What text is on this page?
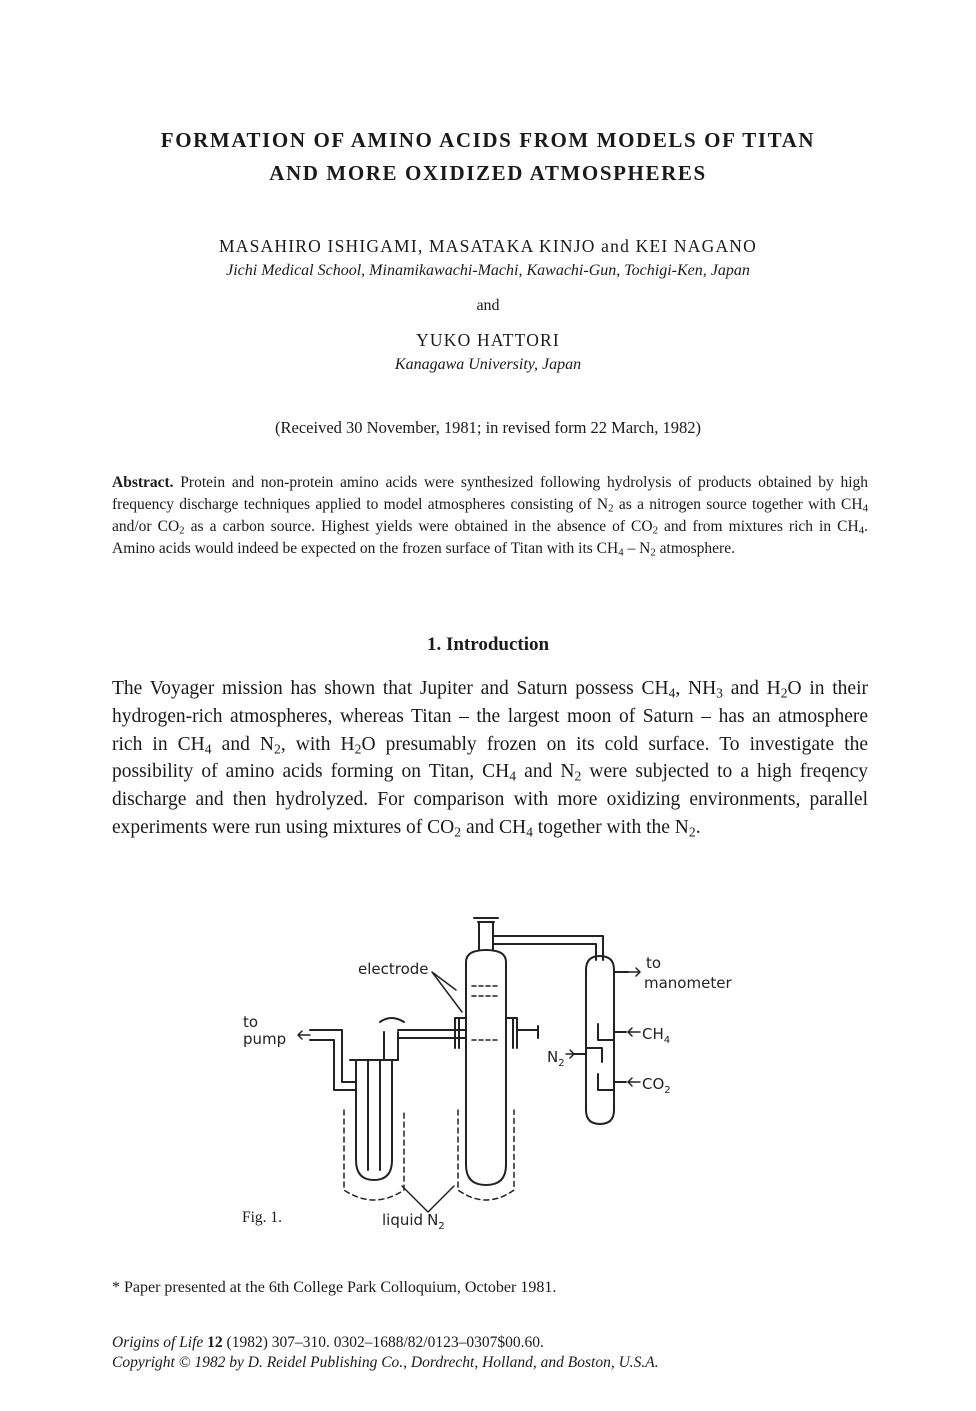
FORMATION OF AMINO ACIDS FROM MODELS OF TITAN
AND MORE OXIDIZED ATMOSPHERES
MASAHIRO ISHIGAMI, MASATAKA KINJO and KEI NAGANO
Jichi Medical School, Minamikawachi-Machi, Kawachi-Gun, Tochigi-Ken, Japan
and
YUKO HATTORI
Kanagawa University, Japan
(Received 30 November, 1981; in revised form 22 March, 1982)
Abstract. Protein and non-protein amino acids were synthesized following hydrolysis of products obtained by high frequency discharge techniques applied to model atmospheres consisting of $N_2$ as a nitrogen source together with $CH_4$ and/or $CO_2$ as a carbon source. Highest yields were obtained in the absence of $CO_2$ and from mixtures rich in $CH_4$. Amino acids would indeed be expected on the frozen surface of Titan with its $CH_4 - N_2$ atmosphere.
1. Introduction
The Voyager mission has shown that Jupiter and Saturn possess $CH_4$, $NH_3$ and $H_2O$ in their hydrogen-rich atmospheres, whereas Titan – the largest moon of Saturn – has an atmosphere rich in $CH_4$ and $N_2$, with $H_2O$ presumably frozen on its cold surface. To investigate the possibility of amino acids forming on Titan, $CH_4$ and $N_2$ were subjected to a high freqency discharge and then hydrolyzed. For comparison with more oxidizing environments, parallel experiments were run using mixtures of $CO_2$ and $CH_4$ together with the $N_2$.
electrode	to
manometer
to
pump	$CH_4$
$CO_2$
$N_2$
liquid $N_2$
Fig. 1.
* Paper presented at the 6th College Park Colloquium, October 1981.
Origins of Life 12 (1982) 307–310. 0302–1688/82/0123–0307$00.60.
Copyright © 1982 by D. Reidel Publishing Co., Dordrecht, Holland, and Boston, U.S.A.
